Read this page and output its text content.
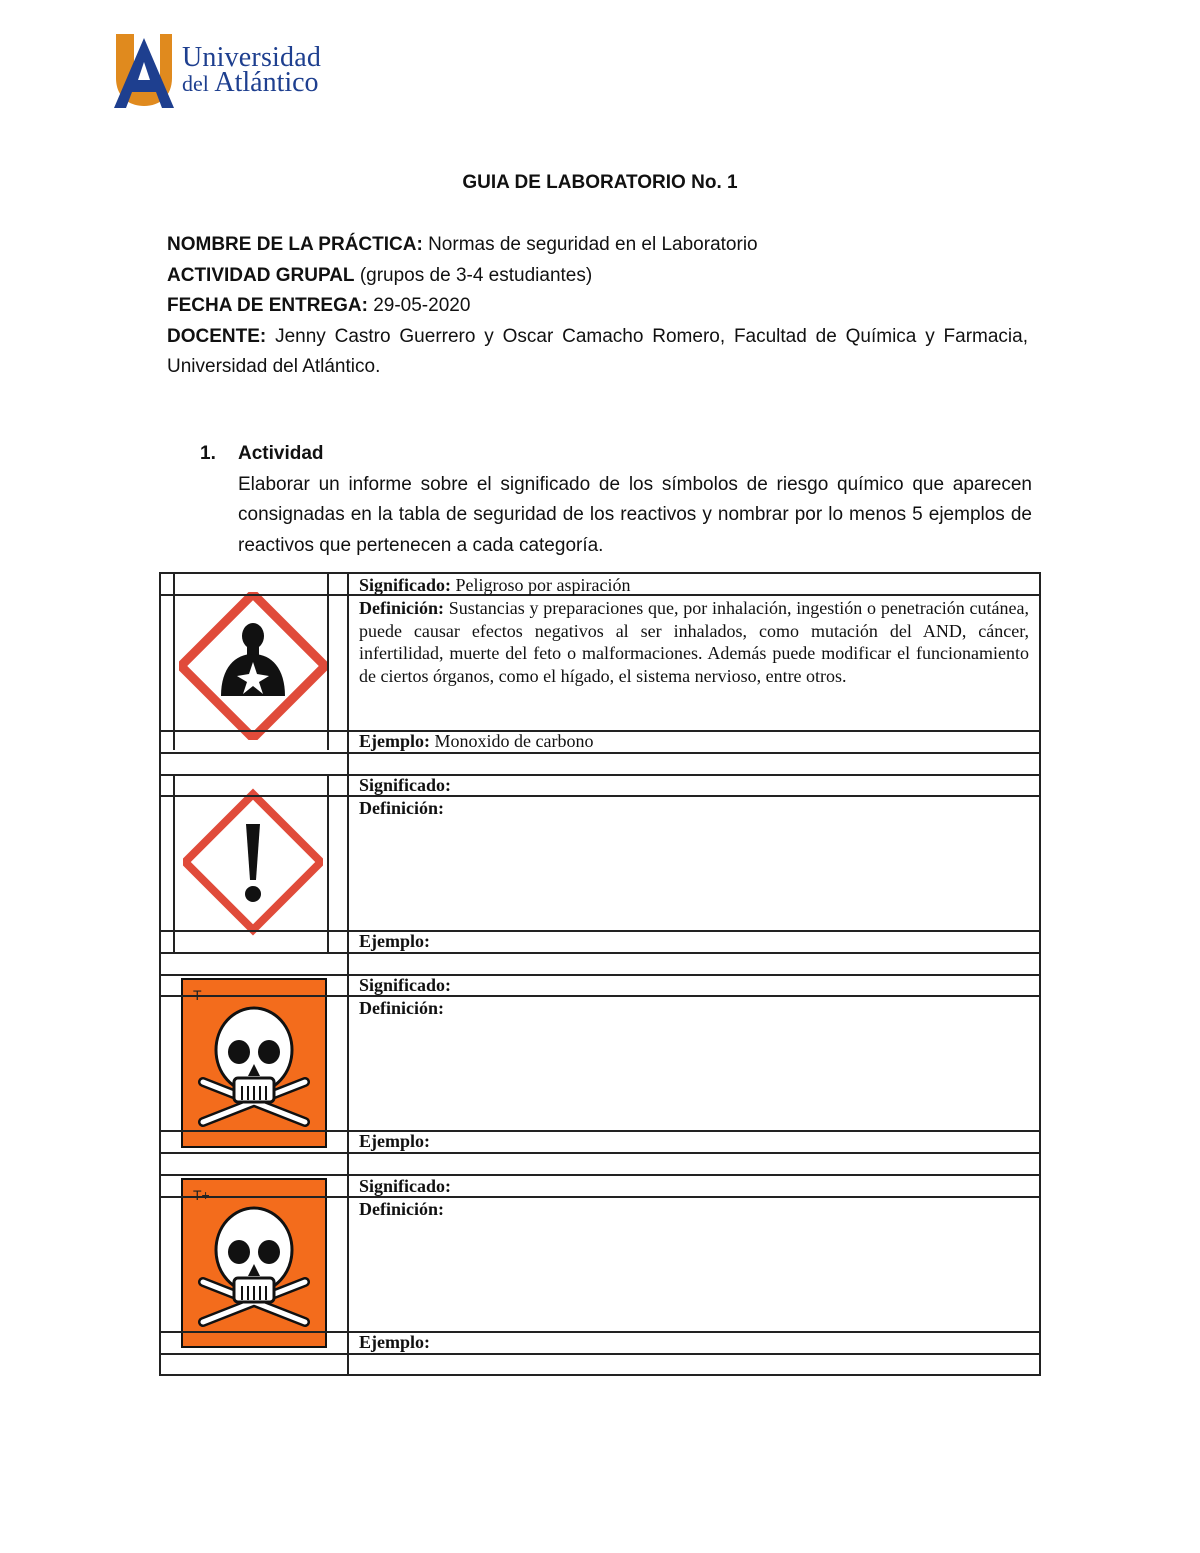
Universidad
del Atlántico
GUIA DE LABORATORIO No. 1

NOMBRE DE LA PRÁCTICA: Normas de seguridad en el Laboratorio

ACTIVIDAD GRUPAL (grupos de 3-4 estudiantes)

FECHA DE ENTREGA: 29-05-2020

DOCENTE: Jenny Castro Guerrero y Oscar Camacho Romero, Facultad de Química y Farmacia, Universidad del Atlántico.

1. Actividad
Elaborar un informe sobre el significado de los símbolos de riesgo químico que aparecen consignadas en la tabla de seguridad de los reactivos y nombrar por lo menos 5 ejemplos de reactivos que pertenecen a cada categoría.
Significado: Peligroso por aspiración
Definición: Sustancias y preparaciones que, por inhalación, ingestión o penetración cutánea, puede causar efectos negativos al ser inhalados, como mutación del AND, cáncer, infertilidad, muerte del feto o malformaciones. Además puede modificar el funcionamiento de ciertos órganos, como el hígado, el sistema nervioso, entre otros.
Ejemplo: Monoxido de carbono
Significado:
Definición:
Ejemplo:
T	Significado:
Definición:
Ejemplo:
T+	Significado:
Definición:
Ejemplo:
